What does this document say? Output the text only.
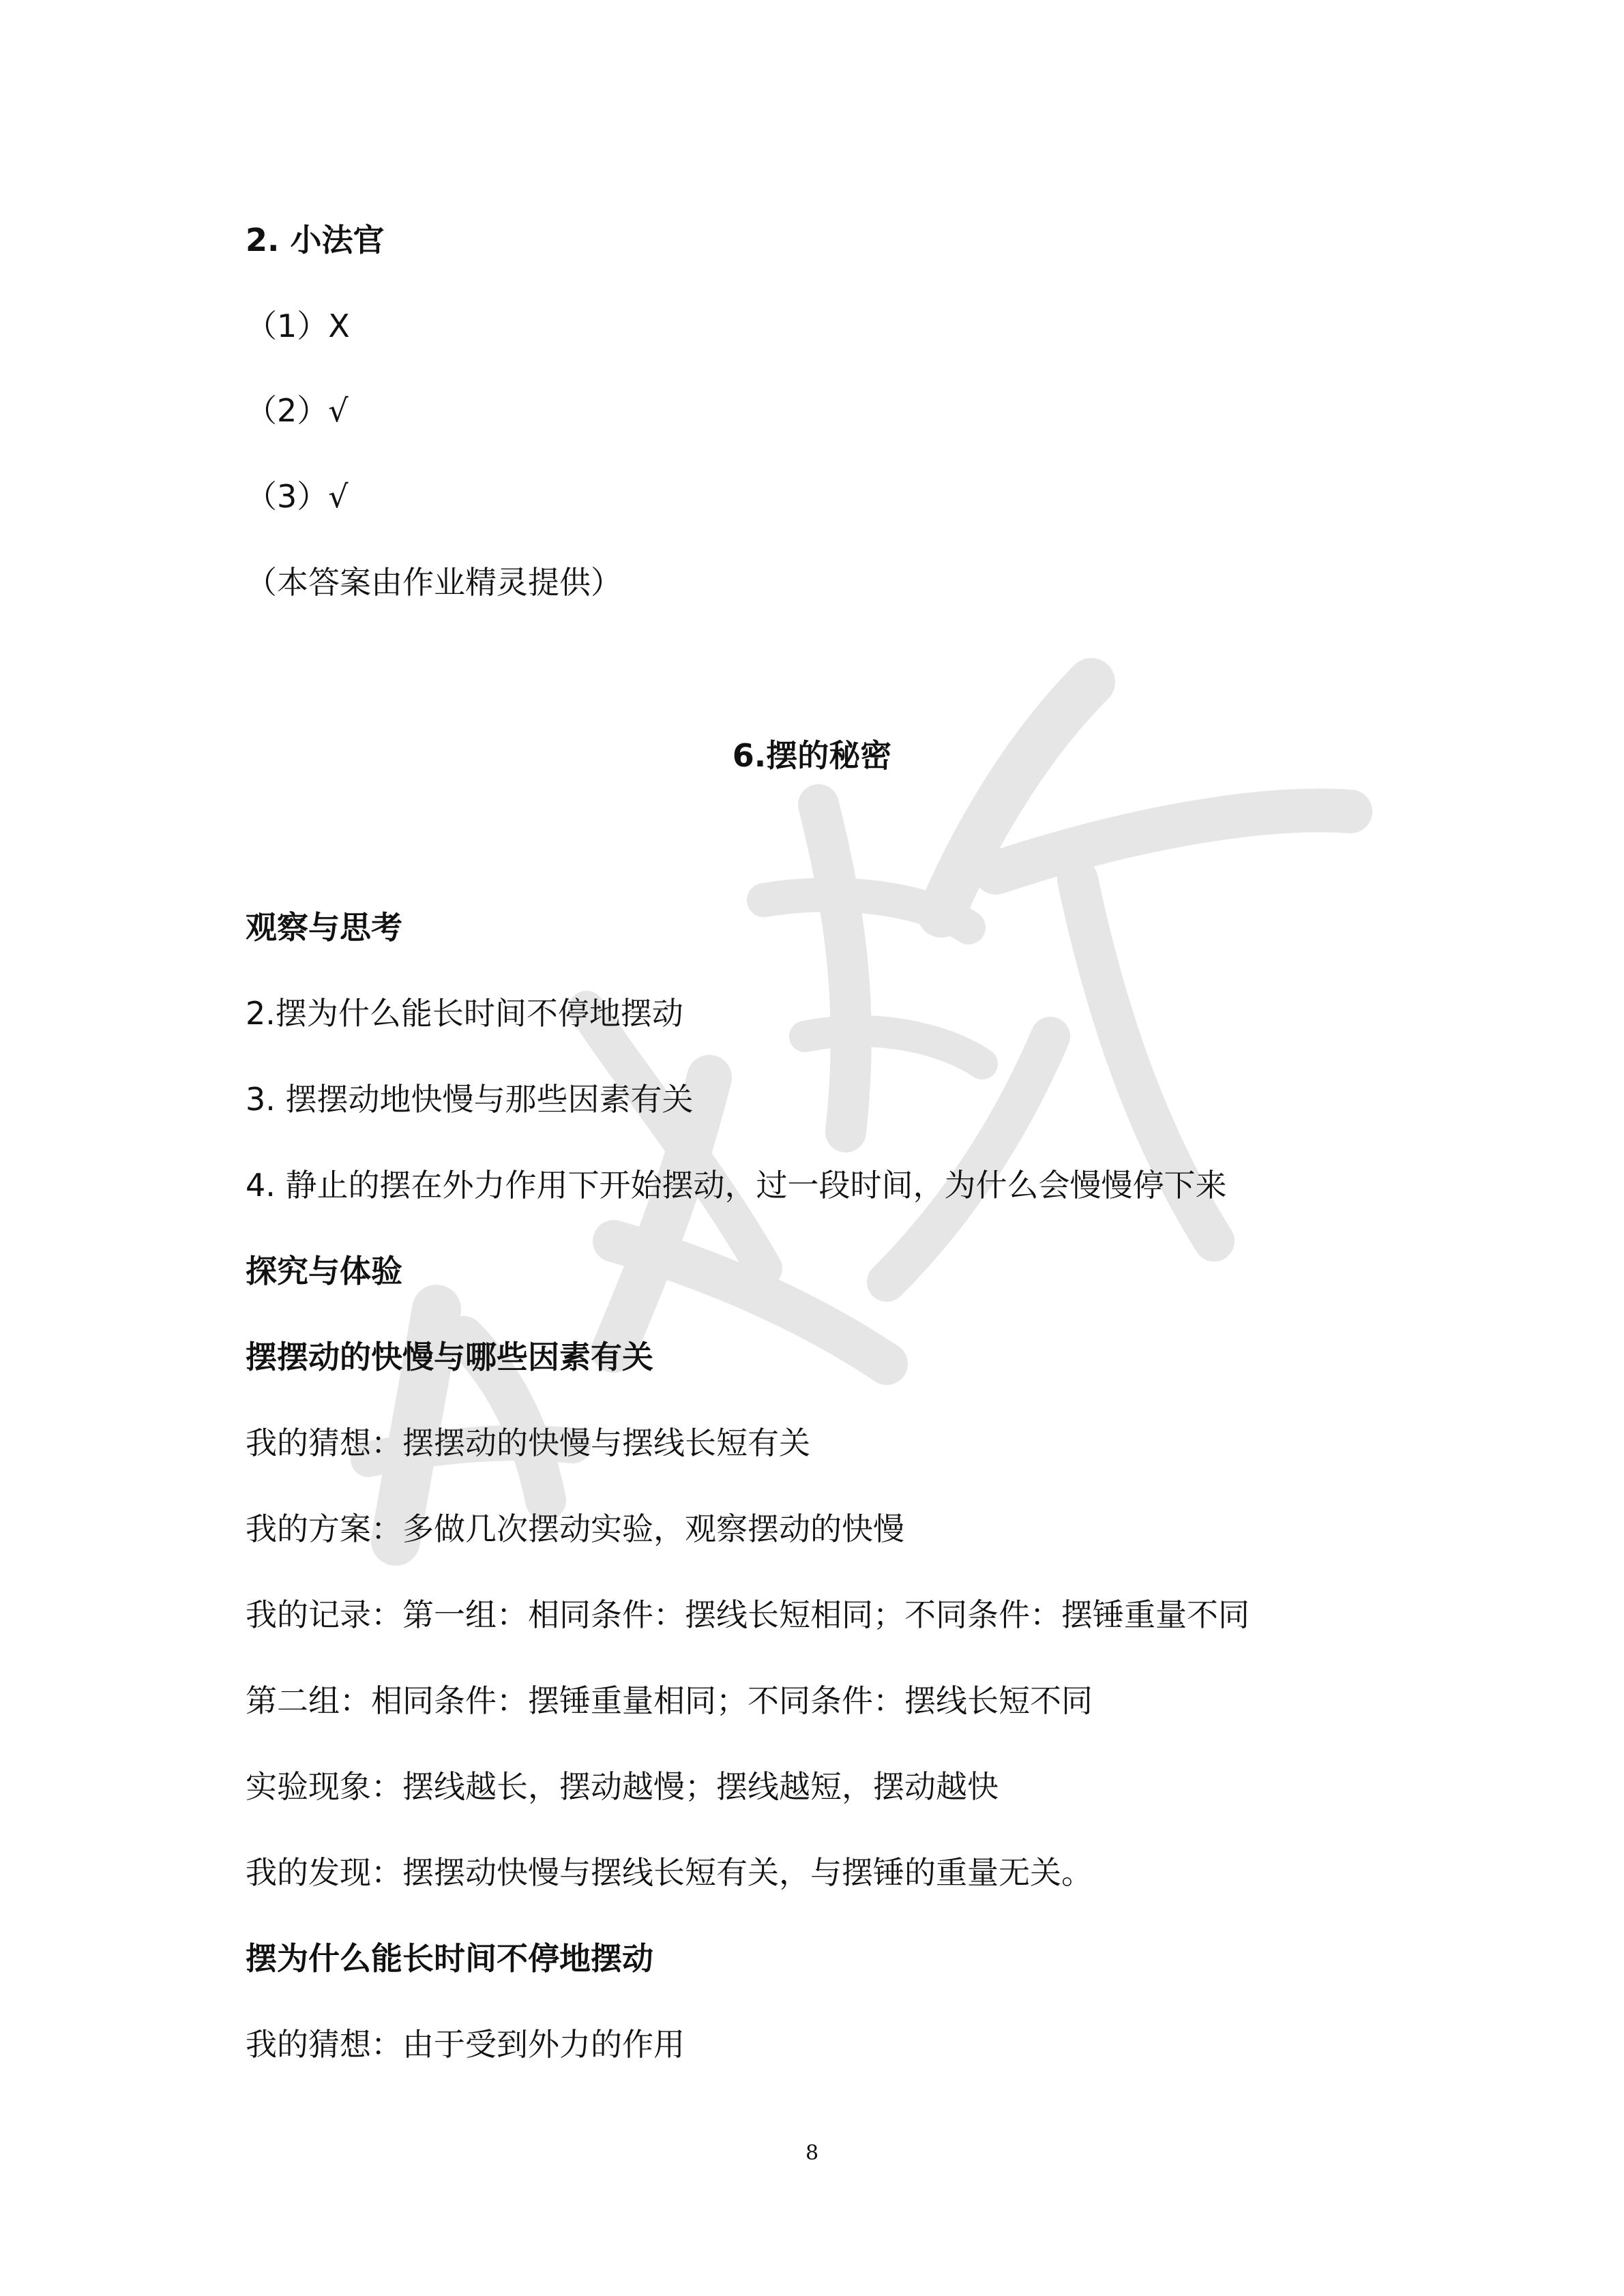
2. 小法官
（1）X
（2）√
（3）√
（本答案由作业精灵提供）
6.摆的秘密
观察与思考
2.摆为什么能长时间不停地摆动
3. 摆摆动地快慢与那些因素有关
4. 静止的摆在外力作用下开始摆动，过一段时间，为什么会慢慢停下来
探究与体验
摆摆动的快慢与哪些因素有关
我的猜想：摆摆动的快慢与摆线长短有关
我的方案：多做几次摆动实验，观察摆动的快慢
我的记录：第一组：相同条件：摆线长短相同；不同条件：摆锤重量不同
第二组：相同条件：摆锤重量相同；不同条件：摆线长短不同
实验现象：摆线越长，摆动越慢；摆线越短，摆动越快
我的发现：摆摆动快慢与摆线长短有关，与摆锤的重量无关。
摆为什么能长时间不停地摆动
我的猜想：由于受到外力的作用
8
